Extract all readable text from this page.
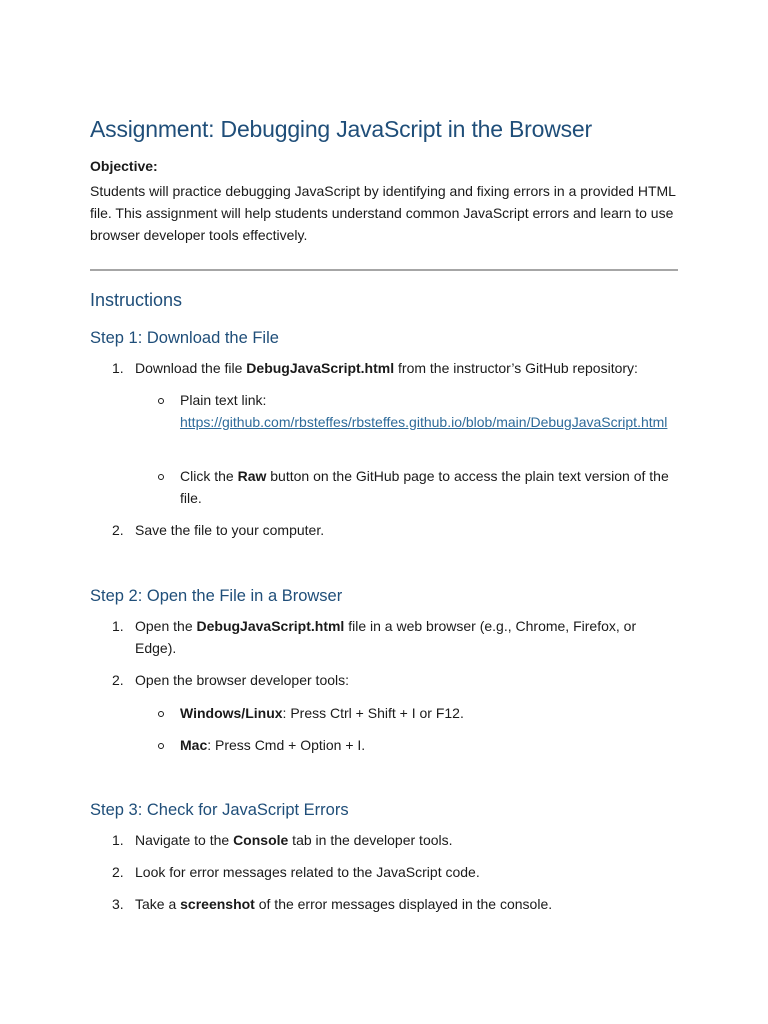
Assignment: Debugging JavaScript in the Browser
Objective:
Students will practice debugging JavaScript by identifying and fixing errors in a provided HTML file. This assignment will help students understand common JavaScript errors and learn to use browser developer tools effectively.
Instructions
Step 1: Download the File
1. Download the file DebugJavaScript.html from the instructor’s GitHub repository:
Plain text link:
https://github.com/rbsteffes/rbsteffes.github.io/blob/main/DebugJavaScript.html
Click the Raw button on the GitHub page to access the plain text version of the file.
2. Save the file to your computer.
Step 2: Open the File in a Browser
1. Open the DebugJavaScript.html file in a web browser (e.g., Chrome, Firefox, or Edge).
2. Open the browser developer tools:
Windows/Linux: Press Ctrl + Shift + I or F12.
Mac: Press Cmd + Option + I.
Step 3: Check for JavaScript Errors
1. Navigate to the Console tab in the developer tools.
2. Look for error messages related to the JavaScript code.
3. Take a screenshot of the error messages displayed in the console.
